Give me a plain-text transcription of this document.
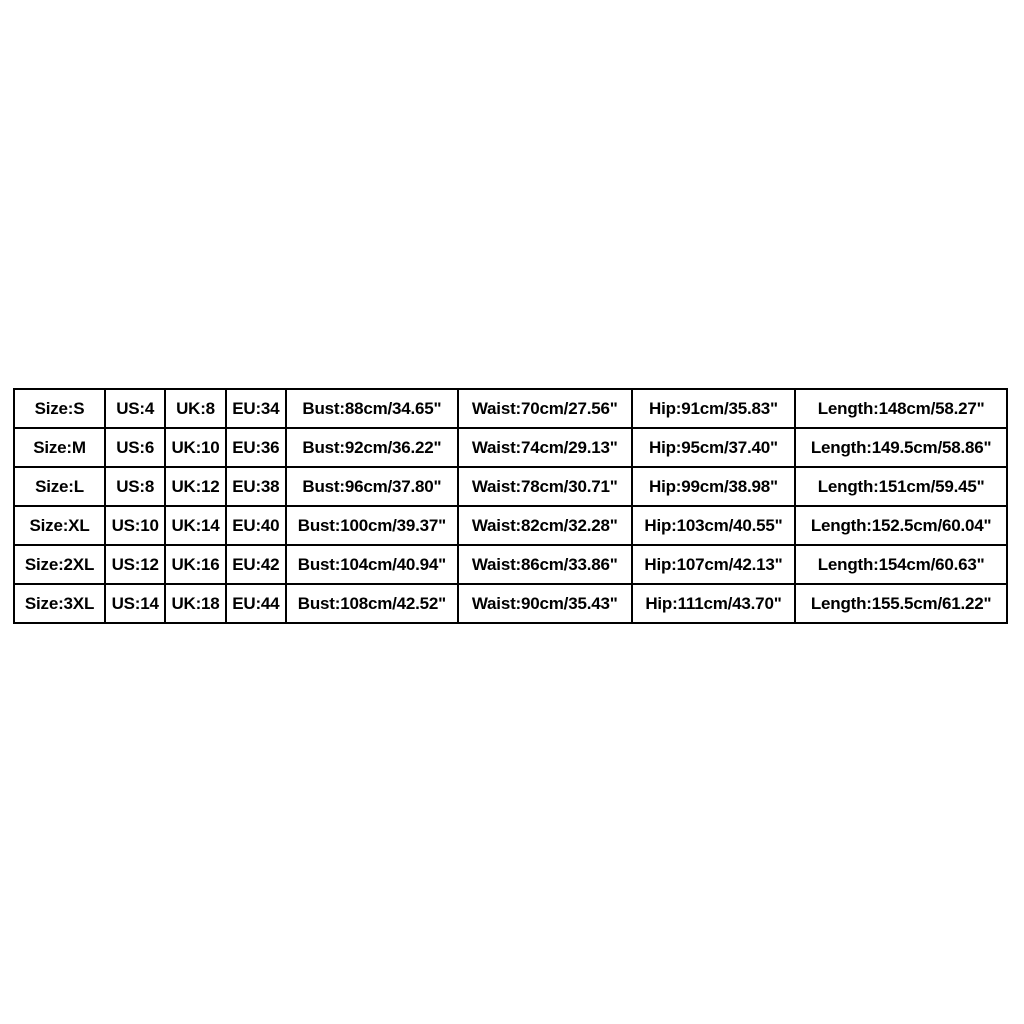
Size:S	US:4	UK:8	EU:34	Bust:88cm/34.65"	Waist:70cm/27.56"	Hip:91cm/35.83"	Length:148cm/58.27"
Size:M	US:6	UK:10	EU:36	Bust:92cm/36.22"	Waist:74cm/29.13"	Hip:95cm/37.40"	Length:149.5cm/58.86"
Size:L	US:8	UK:12	EU:38	Bust:96cm/37.80"	Waist:78cm/30.71"	Hip:99cm/38.98"	Length:151cm/59.45"
Size:XL	US:10	UK:14	EU:40	Bust:100cm/39.37"	Waist:82cm/32.28"	Hip:103cm/40.55"	Length:152.5cm/60.04"
Size:2XL	US:12	UK:16	EU:42	Bust:104cm/40.94"	Waist:86cm/33.86"	Hip:107cm/42.13"	Length:154cm/60.63"
Size:3XL	US:14	UK:18	EU:44	Bust:108cm/42.52"	Waist:90cm/35.43"	Hip:111cm/43.70"	Length:155.5cm/61.22"
